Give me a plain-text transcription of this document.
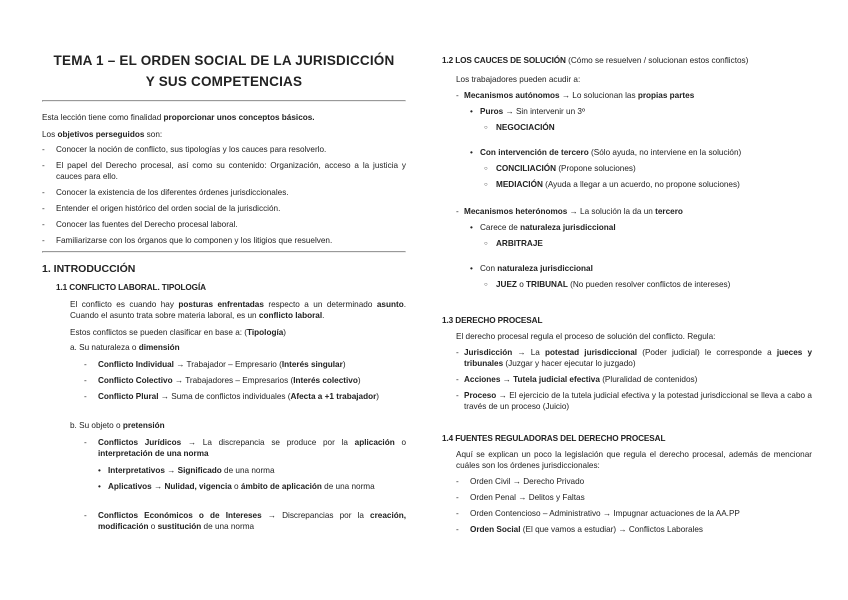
TEMA 1 – EL ORDEN SOCIAL DE LA JURISDICCIÓN
Y SUS COMPETENCIAS

Esta lección tiene como finalidad proporcionar unos conceptos básicos.

Los objetivos perseguidos son:

- Conocer la noción de conflicto, sus tipologías y los cauces para resolverlo.
- El papel del Derecho procesal, así como su contenido: Organización, acceso a la justicia y cauces para ello.
- Conocer la existencia de los diferentes órdenes jurisdiccionales.
- Entender el origen histórico del orden social de la jurisdicción.
- Conocer las fuentes del Derecho procesal laboral.
- Familiarizarse con los órganos que lo componen y los litigios que resuelven.
1. INTRODUCCIÓN
1.1 CONFLICTO LABORAL. TIPOLOGÍA

El conflicto es cuando hay posturas enfrentadas respecto a un determinado asunto. Cuando el asunto trata sobre materia laboral, es un conflicto laboral.

Estos conflictos se pueden clasificar en base a: (Tipología)

a. Su naturaleza o dimensión

- Conflicto Individual → Trabajador – Empresario (Interés singular)
- Conflicto Colectivo → Trabajadores – Empresarios (Interés colectivo)
- Conflicto Plural → Suma de conflictos individuales (Afecta a +1 trabajador)

b. Su objeto o pretensión

- Conflictos Jurídicos → La discrepancia se produce por la aplicación o interpretación de una norma
• Interpretativos → Significado de una norma
• Aplicativos → Nulidad, vigencia o ámbito de aplicación de una norma
- Conflictos Económicos o de Intereses → Discrepancias por la creación, modificación o sustitución de una norma
1.2 LOS CAUCES DE SOLUCIÓN (Cómo se resuelven / solucionan estos conflictos)

Los trabajadores pueden acudir a:

- Mecanismos autónomos → Lo solucionan las propias partes
• Puros → Sin intervenir un 3º
○ NEGOCIACIÓN
• Con intervención de tercero (Sólo ayuda, no interviene en la solución)
○ CONCILIACIÓN (Propone soluciones)
○ MEDIACIÓN (Ayuda a llegar a un acuerdo, no propone soluciones)
- Mecanismos heterónomos → La solución la da un tercero
• Carece de naturaleza jurisdiccional
○ ARBITRAJE
• Con naturaleza jurisdiccional
○ JUEZ o TRIBUNAL (No pueden resolver conflictos de intereses)
1.3 DERECHO PROCESAL

El derecho procesal regula el proceso de solución del conflicto. Regula:

- Jurisdicción → La potestad jurisdiccional (Poder judicial) le corresponde a jueces y tribunales (Juzgar y hacer ejecutar lo juzgado)
- Acciones → Tutela judicial efectiva (Pluralidad de contenidos)
- Proceso → El ejercicio de la tutela judicial efectiva y la potestad jurisdiccional se lleva a cabo a través de un proceso (Juicio)
1.4 FUENTES REGULADORAS DEL DERECHO PROCESAL

Aquí se explican un poco la legislación que regula el derecho procesal, además de mencionar cuáles son los órdenes jurisdiccionales:

- Orden Civil → Derecho Privado
- Orden Penal → Delitos y Faltas
- Orden Contencioso – Administrativo → Impugnar actuaciones de la AA.PP
- Orden Social (El que vamos a estudiar) → Conflictos Laborales
